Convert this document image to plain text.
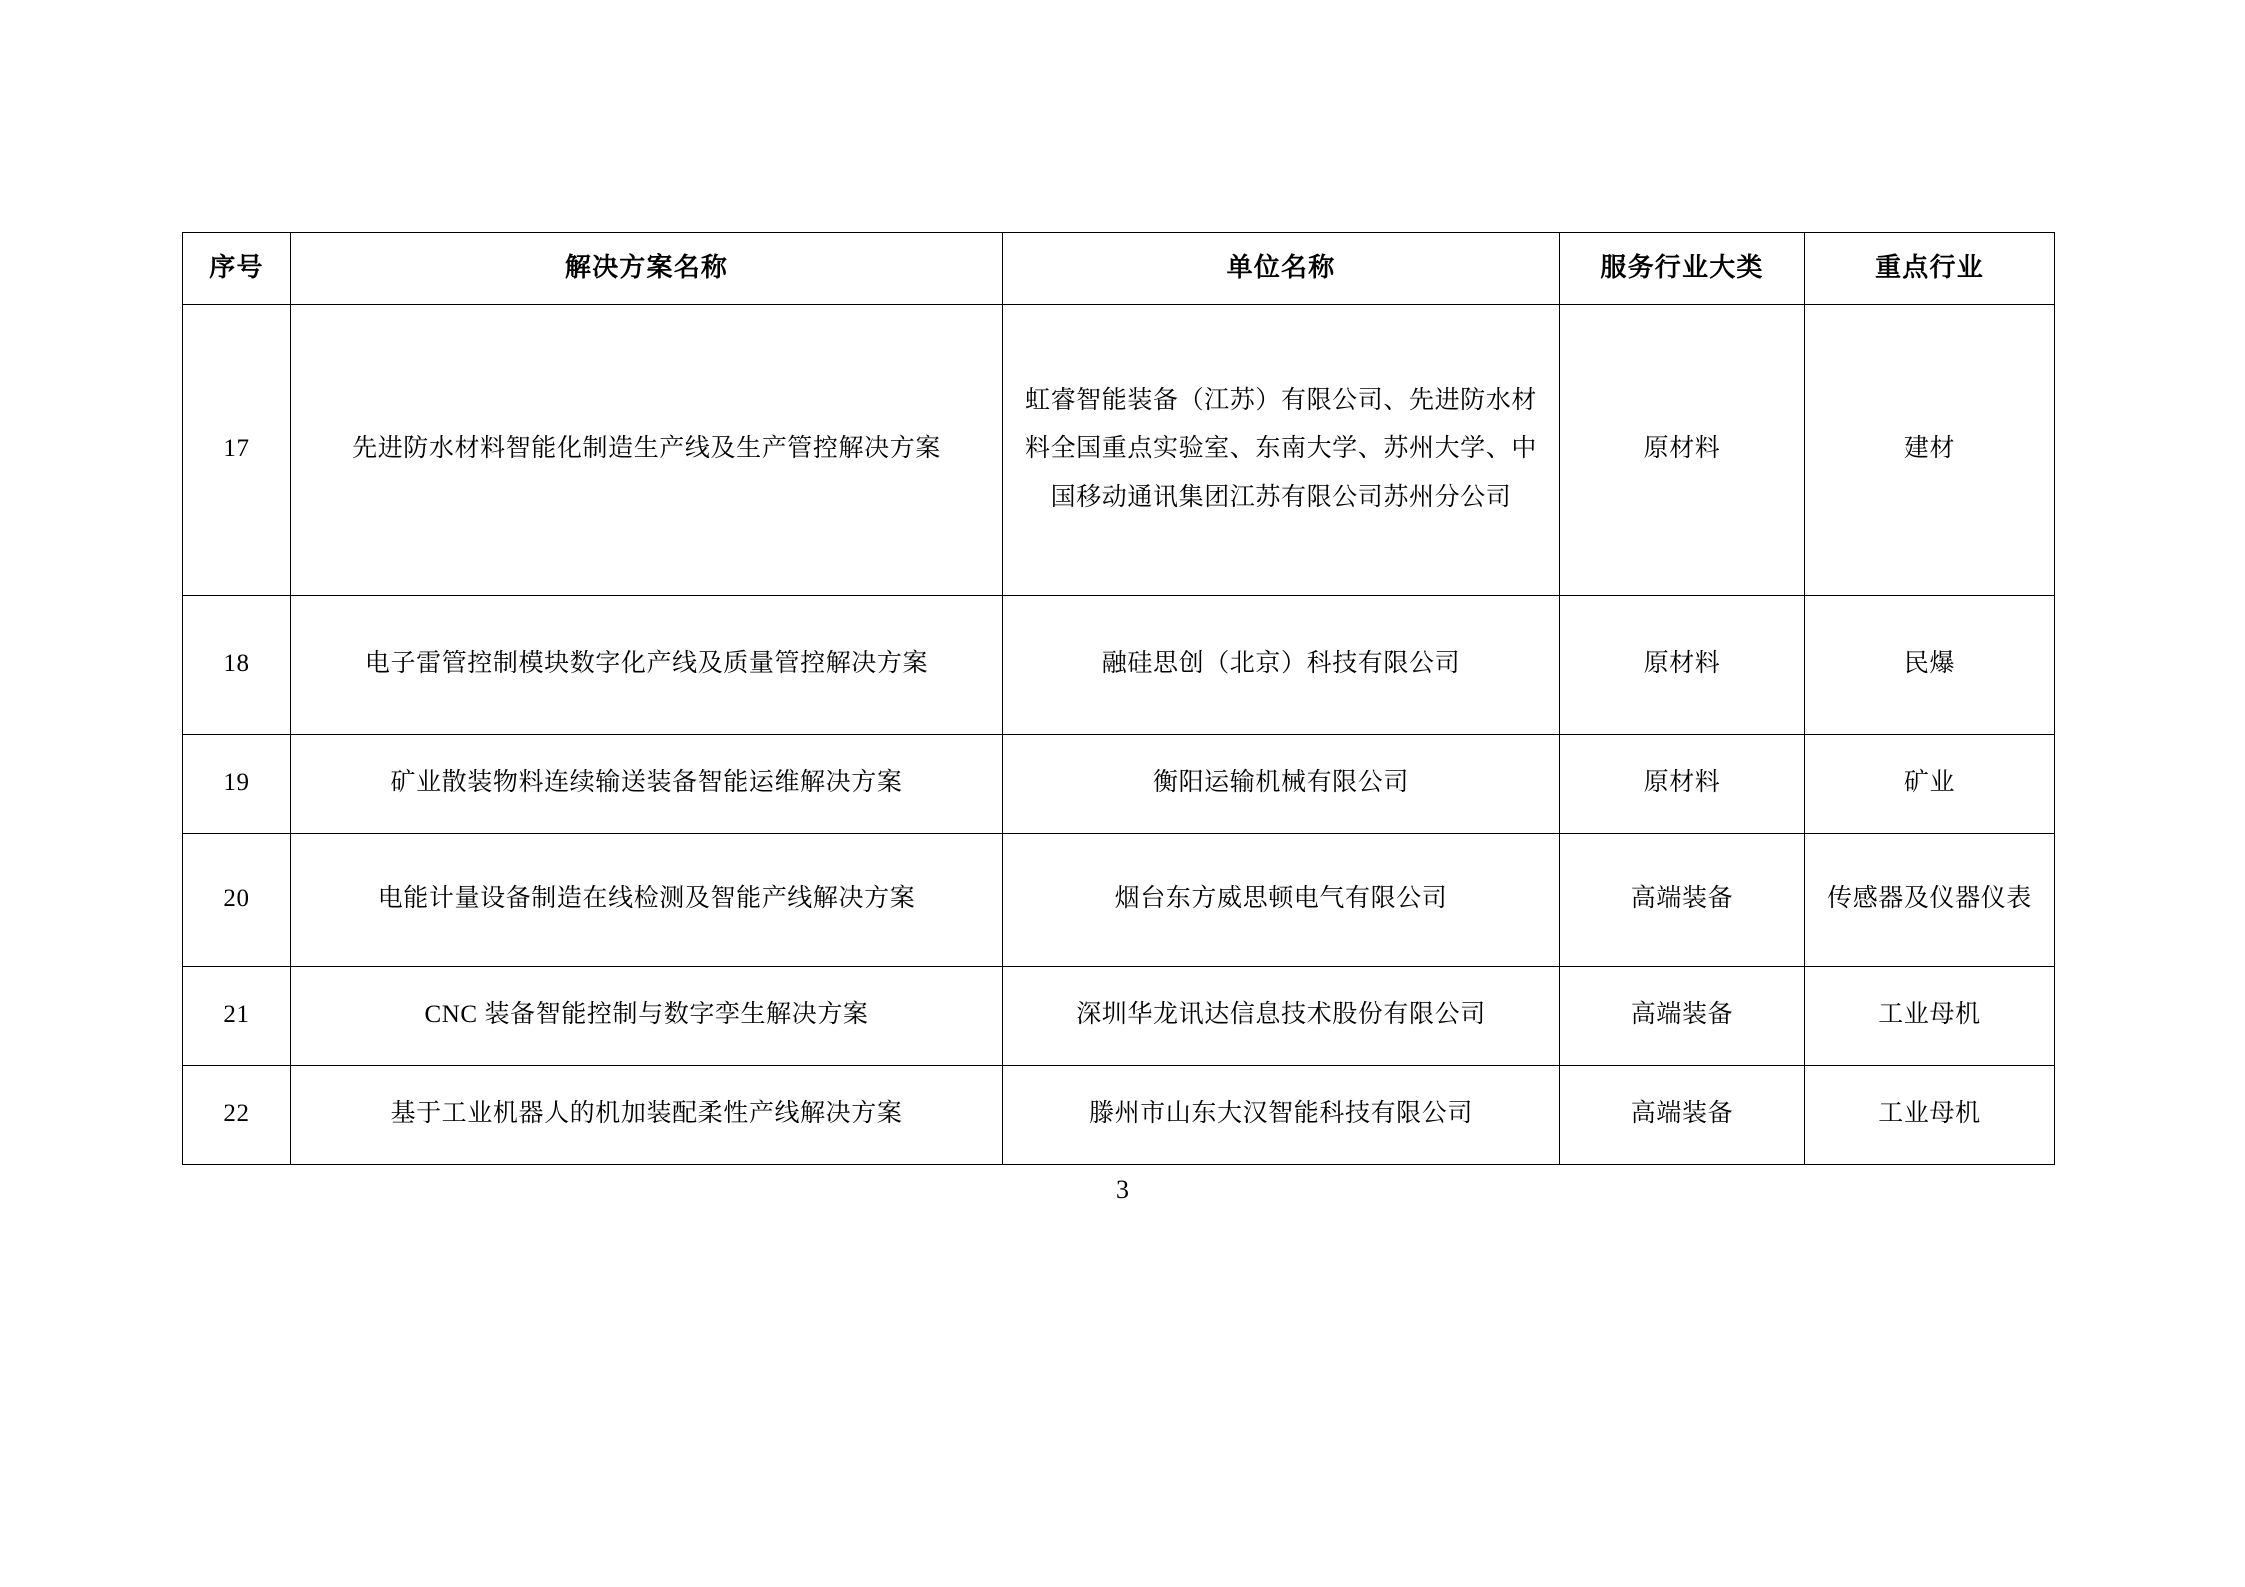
序号	解决方案名称	单位名称	服务行业大类	重点行业
17	先进防水材料智能化制造生产线及生产管控解决方案	虹睿智能装备（江苏）有限公司、先进防水材料全国重点实验室、东南大学、苏州大学、中国移动通讯集团江苏有限公司苏州分公司	原材料	建材
18	电子雷管控制模块数字化产线及质量管控解决方案	融硅思创（北京）科技有限公司	原材料	民爆
19	矿业散装物料连续输送装备智能运维解决方案	衡阳运输机械有限公司	原材料	矿业
20	电能计量设备制造在线检测及智能产线解决方案	烟台东方威思顿电气有限公司	高端装备	传感器及仪器仪表
21	CNC 装备智能控制与数字孪生解决方案	深圳华龙讯达信息技术股份有限公司	高端装备	工业母机
22	基于工业机器人的机加装配柔性产线解决方案	滕州市山东大汉智能科技有限公司	高端装备	工业母机
3
